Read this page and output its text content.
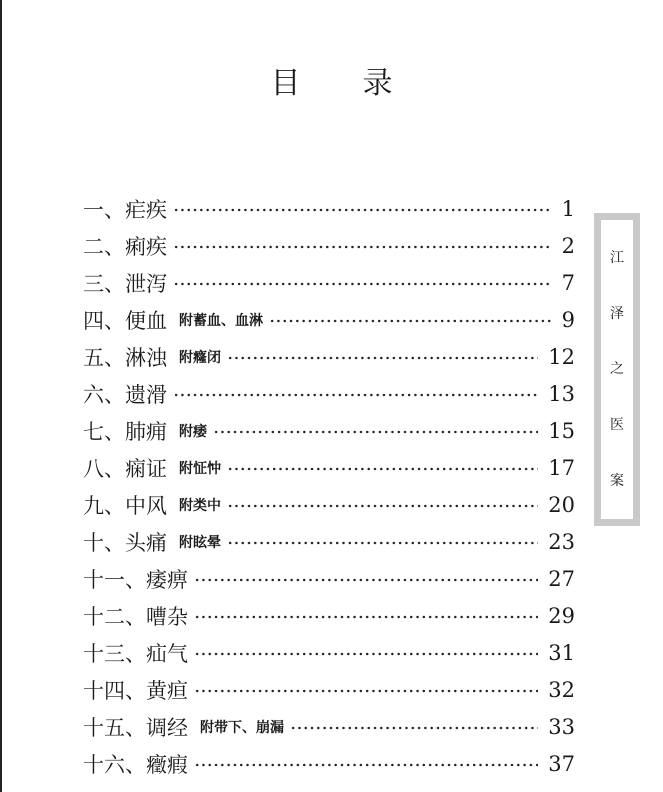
目 录
一、疟疾	1
二、痢疾	2
三、泄泻	7
四、便血 附蓄血、血淋	9
五、淋浊 附癃闭	12
六、遗滑	13
七、肺痈 附痿	15
八、痫证 附怔忡	17
九、中风 附类中	20
十、头痛 附眩晕	23
十一、痿痹	27
十二、嘈杂	29
十三、疝气	31
十四、黄疸	32
十五、调经 附带下、崩漏	33
十六、癥瘕	37
江
泽
之
医
案
